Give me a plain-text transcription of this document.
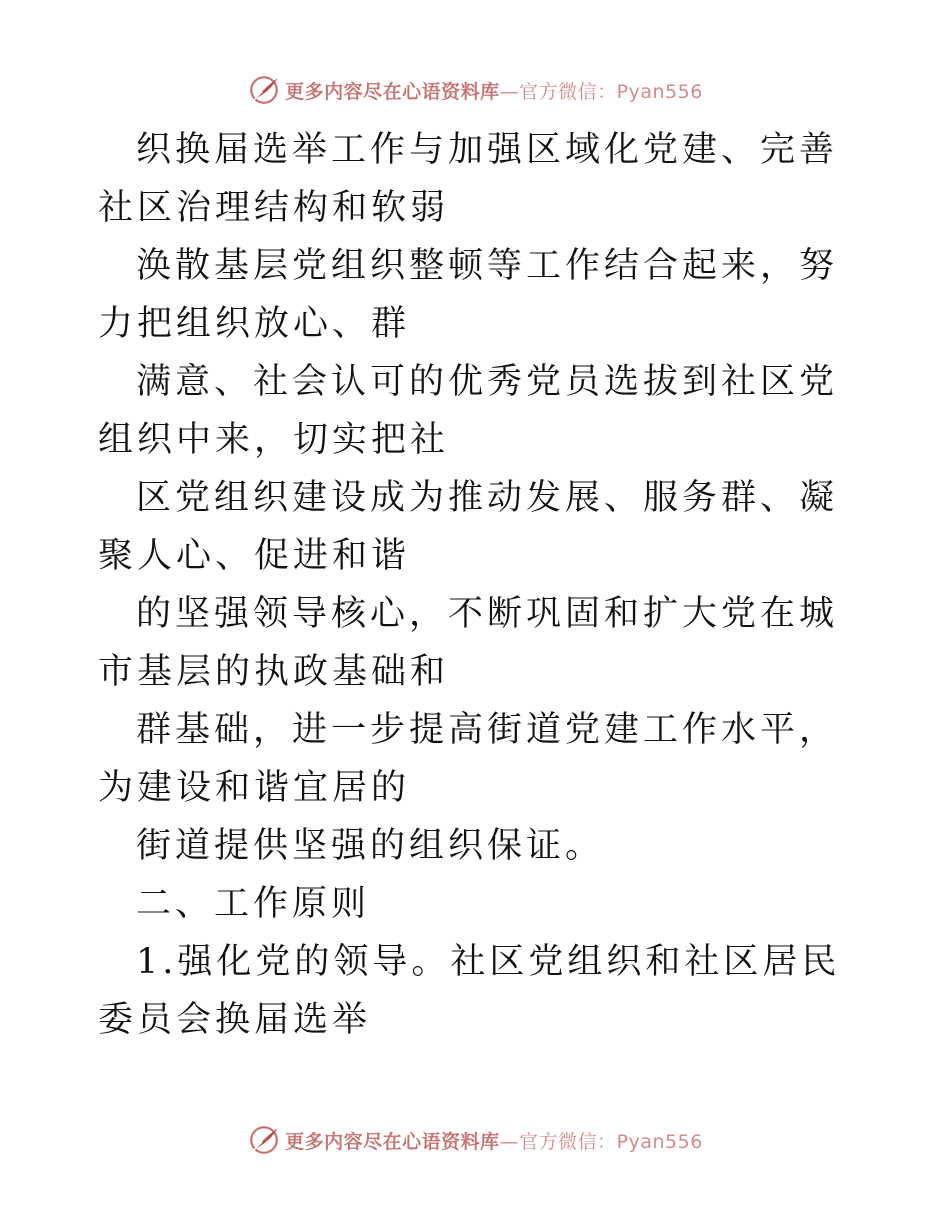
更多内容尽在心语资料库—官方微信：Pyan556

织换届选举工作与加强区域化党建、完善社区治理结构和软弱

涣散基层党组织整顿等工作结合起来，努力把组织放心、群

满意、社会认可的优秀党员选拔到社区党组织中来，切实把社

区党组织建设成为推动发展、服务群、凝聚人心、促进和谐

的坚强领导核心，不断巩固和扩大党在城市基层的执政基础和

群基础，进一步提高街道党建工作水平，为建设和谐宜居的

街道提供坚强的组织保证。

二、工作原则

1.强化党的领导。社区党组织和社区居民委员会换届选举

更多内容尽在心语资料库—官方微信：Pyan556
